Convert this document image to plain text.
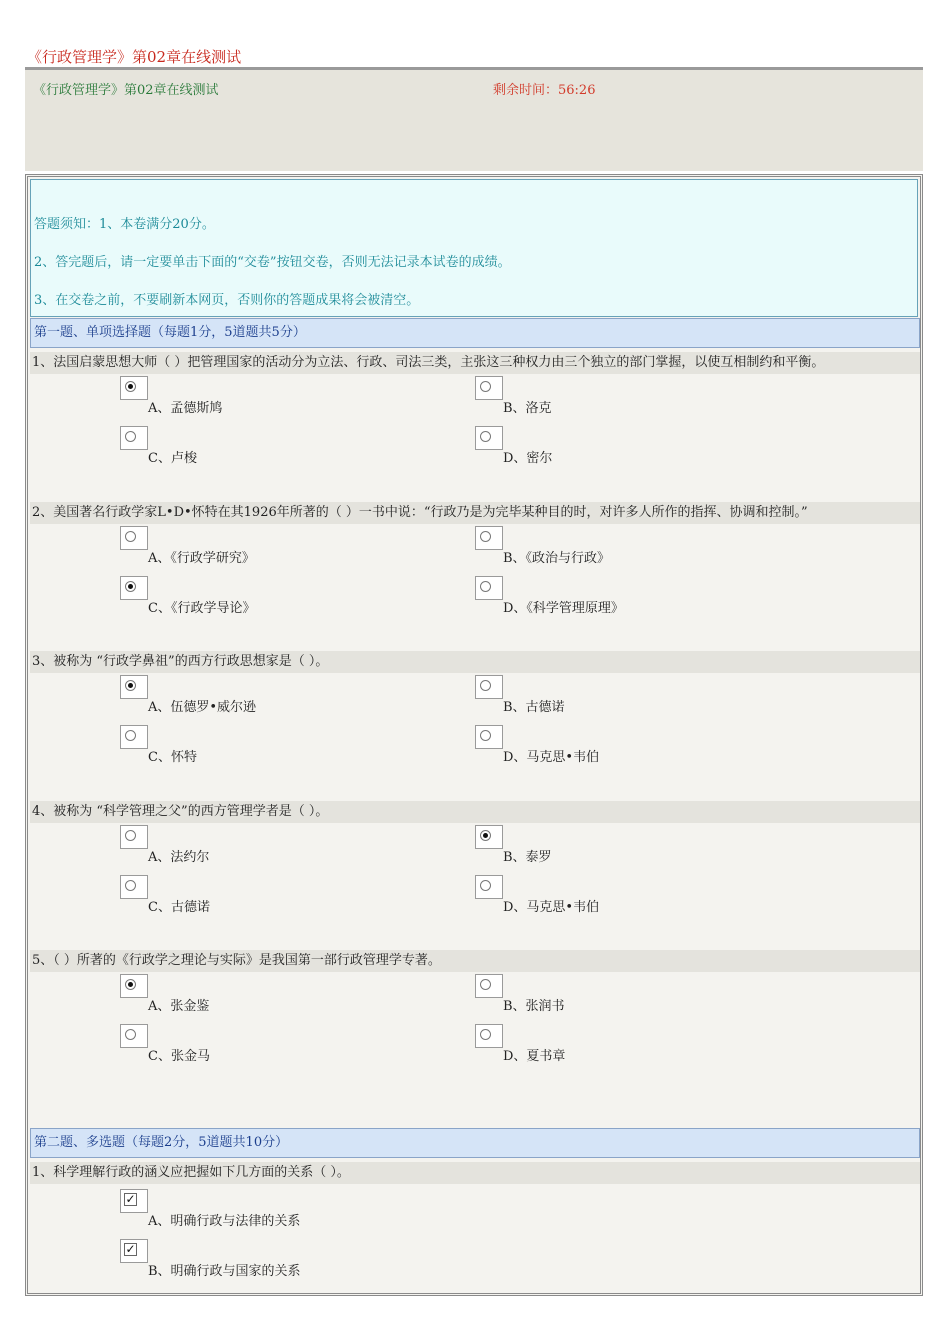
《行政管理学》第02章在线测试
《行政管理学》第02章在线测试	剩余时间：56:26
答题须知：1、本卷满分20分。
2、答完题后，请一定要单击下面的“交卷”按钮交卷，否则无法记录本试卷的成绩。
3、在交卷之前，不要刷新本网页，否则你的答题成果将会被清空。
第一题、单项选择题（每题1分，5道题共5分）
1、法国启蒙思想大师（ ）把管理国家的活动分为立法、行政、司法三类，主张这三种权力由三个独立的部门掌握，以使互相制约和平衡。
A、孟德斯鸠	B、洛克
C、卢梭	D、密尔
2、美国著名行政学家L•D•怀特在其1926年所著的（ ）一书中说：“行政乃是为完毕某种目的时，对许多人所作的指挥、协调和控制。”
A、《行政学研究》	B、《政治与行政》
C、《行政学导论》	D、《科学管理原理》
3、被称为 “行政学鼻祖”的西方行政思想家是（ ）。
A、伍德罗•威尔逊	B、古德诺
C、怀特	D、马克思•韦伯
4、被称为 “科学管理之父”的西方管理学者是（ ）。
A、法约尔	B、泰罗
C、古德诺	D、马克思•韦伯
5、（ ）所著的《行政学之理论与实际》是我国第一部行政管理学专著。
A、张金鉴	B、张润书
C、张金马	D、夏书章
第二题、多选题（每题2分，5道题共10分）
1、科学理解行政的涵义应把握如下几方面的关系（ ）。
✓
A、明确行政与法律的关系
✓
B、明确行政与国家的关系
